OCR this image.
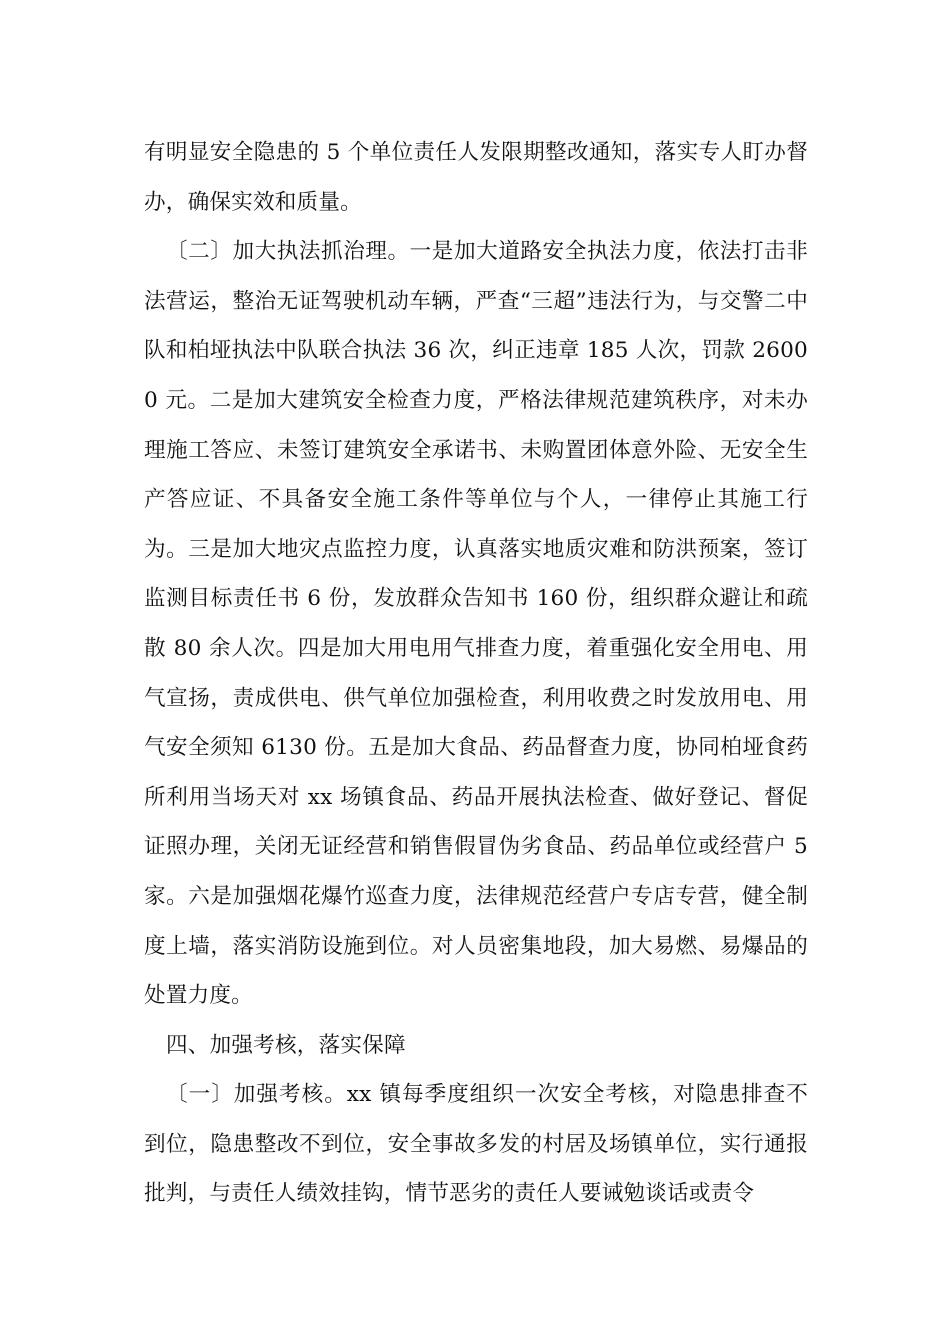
有明显安全隐患的 5 个单位责任人发限期整改通知，落实专人盯办督办，确保实效和质量。

〔二〕加大执法抓治理。一是加大道路安全执法力度，依法打击非法营运，整治无证驾驶机动车辆，严查“三超”违法行为，与交警二中队和柏垭执法中队联合执法 36 次，纠正违章 185 人次，罚款 26000 元。二是加大建筑安全检查力度，严格法律规范建筑秩序，对未办理施工答应、未签订建筑安全承诺书、未购置团体意外险、无安全生产答应证、不具备安全施工条件等单位与个人，一律停止其施工行为。三是加大地灾点监控力度，认真落实地质灾难和防洪预案，签订监测目标责任书 6 份，发放群众告知书 160 份，组织群众避让和疏散 80 余人次。四是加大用电用气排查力度，着重强化安全用电、用气宣扬，责成供电、供气单位加强检查，利用收费之时发放用电、用气安全须知 6130 份。五是加大食品、药品督查力度，协同柏垭食药所利用当场天对 xx 场镇食品、药品开展执法检查、做好登记、督促证照办理，关闭无证经营和销售假冒伪劣食品、药品单位或经营户 5 家。六是加强烟花爆竹巡查力度，法律规范经营户专店专营，健全制度上墙，落实消防设施到位。对人员密集地段，加大易燃、易爆品的处置力度。

四、加强考核，落实保障

〔一〕加强考核。xx 镇每季度组织一次安全考核，对隐患排查不到位，隐患整改不到位，安全事故多发的村居及场镇单位，实行通报批判，与责任人绩效挂钩，情节恶劣的责任人要诫勉谈话或责令
